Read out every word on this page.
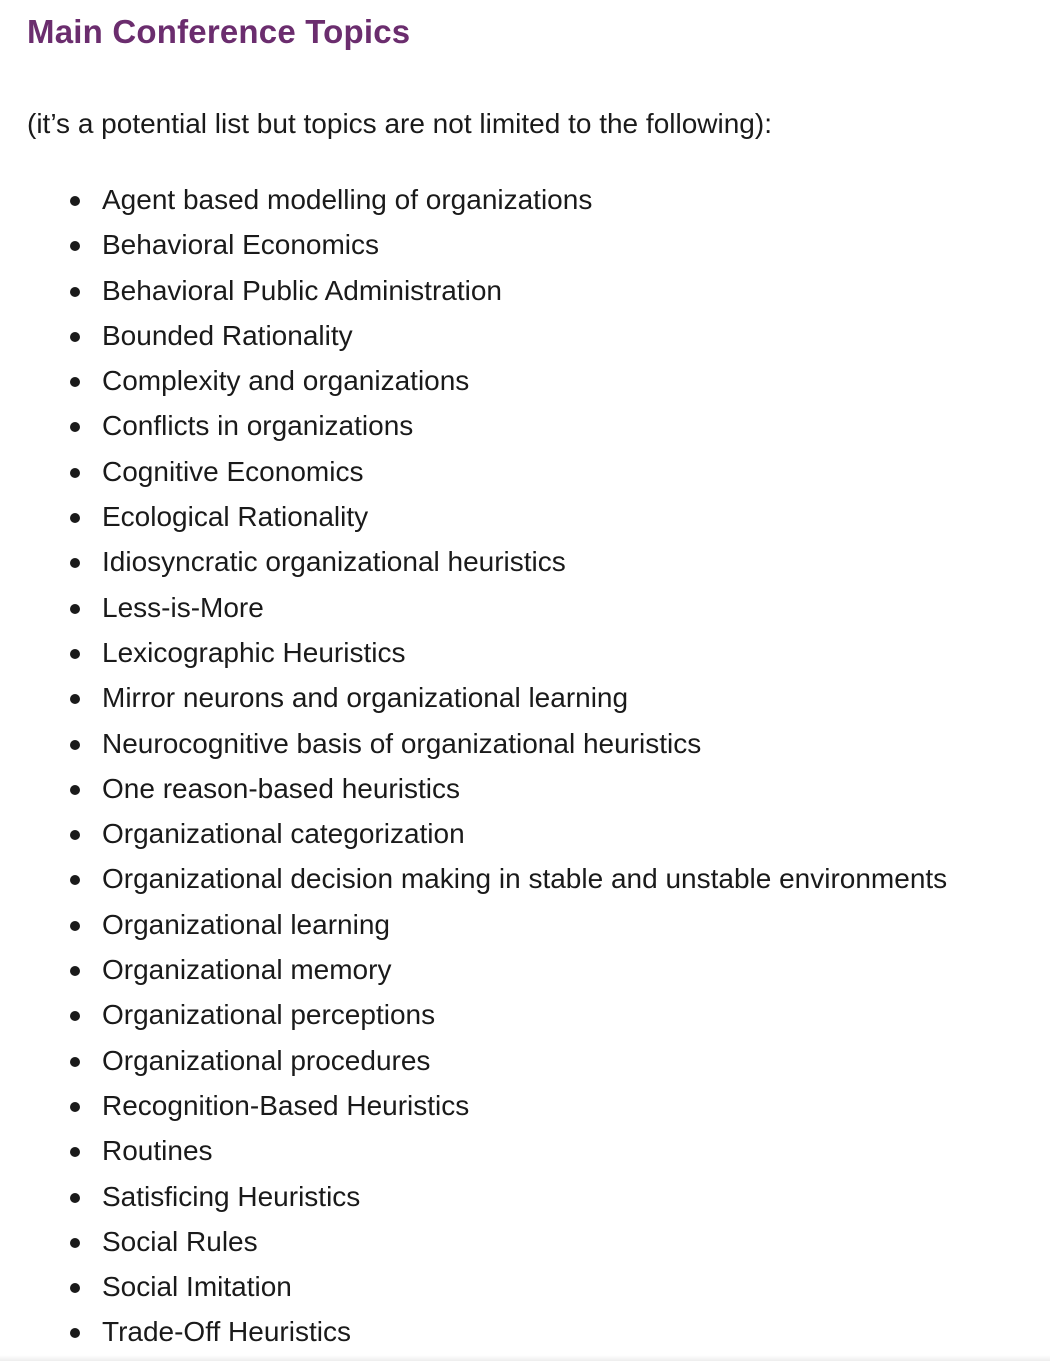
Main Conference Topics

(it’s a potential list but topics are not limited to the following):

Agent based modelling of organizations
Behavioral Economics
Behavioral Public Administration
Bounded Rationality
Complexity and organizations
Conflicts in organizations
Cognitive Economics
Ecological Rationality
Idiosyncratic organizational heuristics
Less-is-More
Lexicographic Heuristics
Mirror neurons and organizational learning
Neurocognitive basis of organizational heuristics
One reason-based heuristics
Organizational categorization
Organizational decision making in stable and unstable environments
Organizational learning
Organizational memory
Organizational perceptions
Organizational procedures
Recognition-Based Heuristics
Routines
Satisficing Heuristics
Social Rules
Social Imitation
Trade-Off Heuristics
